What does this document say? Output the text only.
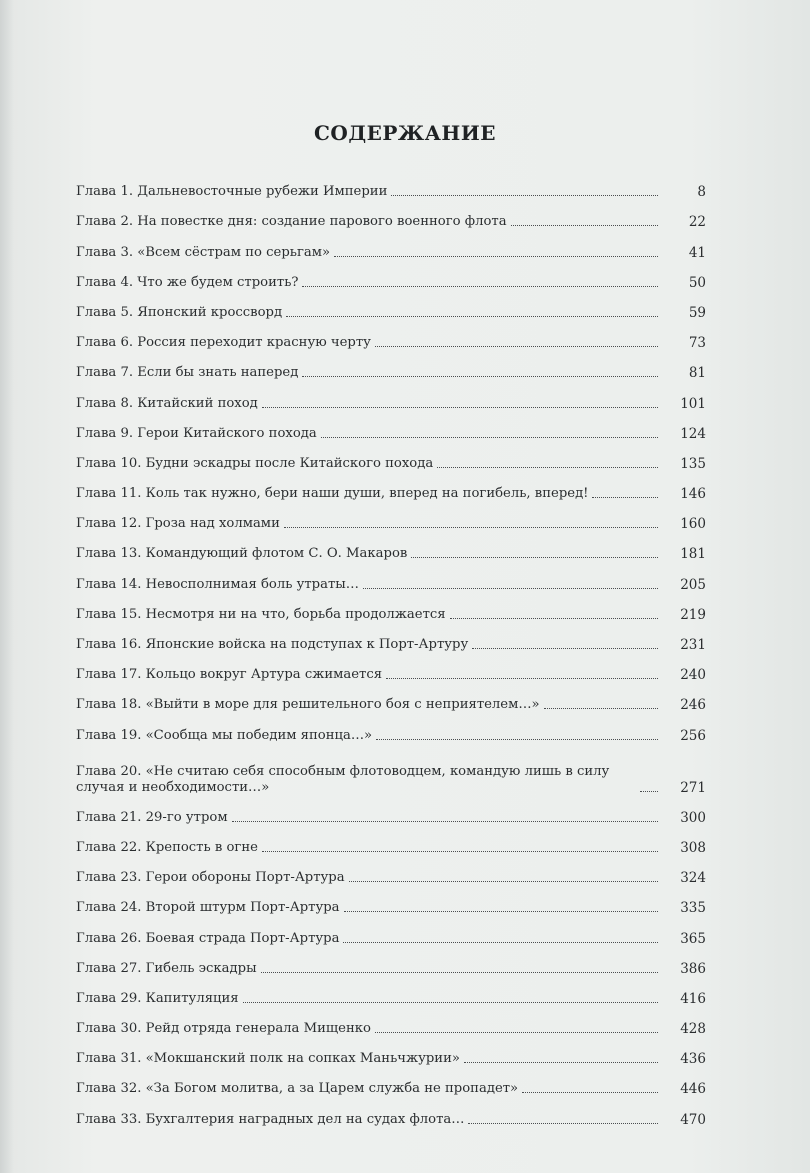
СОДЕРЖАНИЕ
Глава 1. Дальневосточные рубежи Империи	8
Глава 2. На повестке дня: создание парового военного флота	22
Глава 3. «Всем сёстрам по серьгам»	41
Глава 4. Что же будем строить?	50
Глава 5. Японский кроссворд	59
Глава 6. Россия переходит красную черту	73
Глава 7. Если бы знать наперед	81
Глава 8. Китайский поход	101
Глава 9. Герои Китайского похода	124
Глава 10. Будни эскадры после Китайского похода	135
Глава 11. Коль так нужно, бери наши души, вперед на погибель, вперед!	146
Глава 12. Гроза над холмами	160
Глава 13. Командующий флотом С. О. Макаров	181
Глава 14. Невосполнимая боль утраты…	205
Глава 15. Несмотря ни на что, борьба продолжается	219
Глава 16. Японские войска на подступах к Порт-Артуру	231
Глава 17. Кольцо вокруг Артура сжимается	240
Глава 18. «Выйти в море для решительного боя с неприятелем…»	246
Глава 19. «Сообща мы победим японца…»	256
Глава 20. «Не считаю себя способным флотоводцем, командую лишь в силу случая и необходимости…»	271
Глава 21. 29-го утром	300
Глава 22. Крепость в огне	308
Глава 23. Герои обороны Порт-Артура	324
Глава 24. Второй штурм Порт-Артура	335
Глава 26. Боевая страда Порт-Артура	365
Глава 27. Гибель эскадры	386
Глава 29. Капитуляция	416
Глава 30. Рейд отряда генерала Мищенко	428
Глава 31. «Мокшанский полк на сопках Маньчжурии»	436
Глава 32. «За Богом молитва, а за Царем служба не пропадет»	446
Глава 33. Бухгалтерия наградных дел на судах флота…	470
